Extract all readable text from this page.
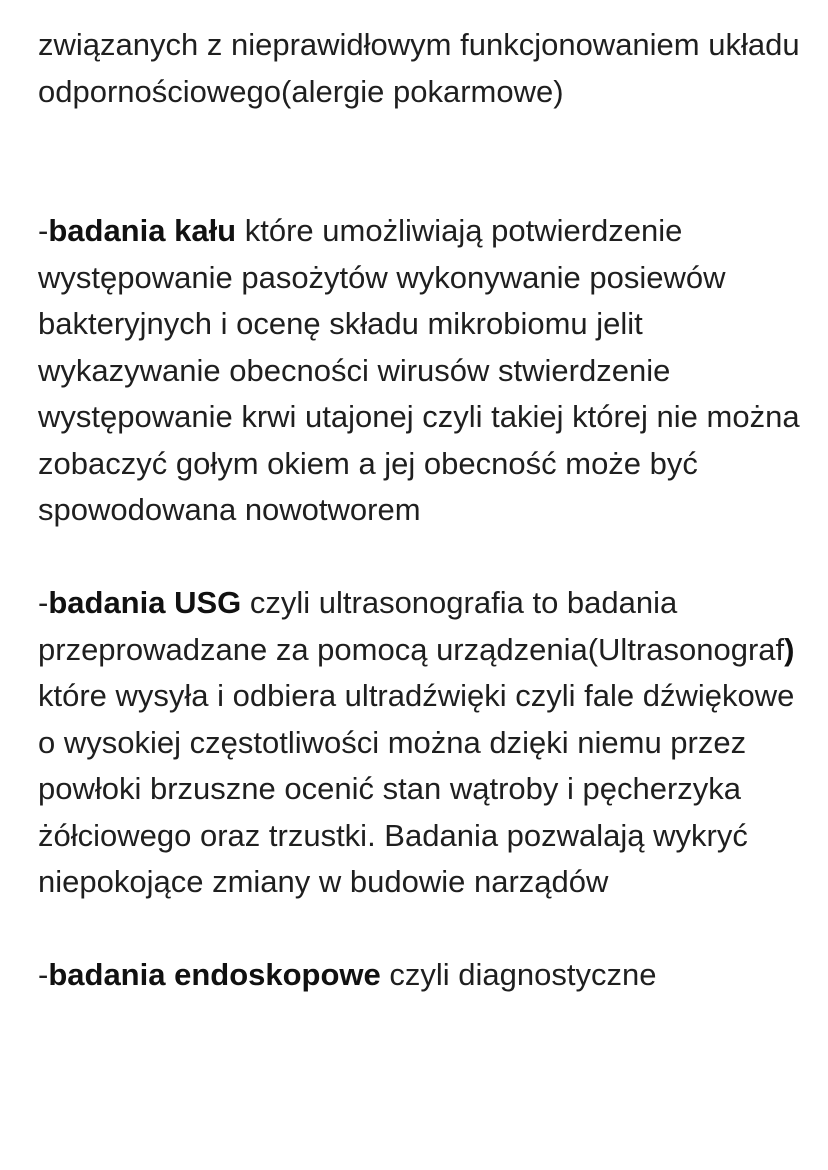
związanych z nieprawidłowym funkcjonowaniem układu odpornościowego(alergie pokarmowe)

-badania kału które umożliwiają potwierdzenie występowanie pasożytów wykonywanie posiewów bakteryjnych i ocenę składu mikrobiomu jelit wykazywanie obecności wirusów stwierdzenie występowanie krwi utajonej czyli takiej której nie można zobaczyć gołym okiem a jej obecność może być spowodowana nowotworem

-badania USG czyli ultrasonografia to badania przeprowadzane za pomocą urządzenia(Ultrasonograf) które wysyła i odbiera ultradźwięki czyli fale dźwiękowe o wysokiej częstotliwości można dzięki niemu przez powłoki brzuszne ocenić stan wątroby i pęcherzyka żółciowego oraz trzustki. Badania pozwalają wykryć niepokojące zmiany w budowie narządów

-badania endoskopowe czyli diagnostyczne
